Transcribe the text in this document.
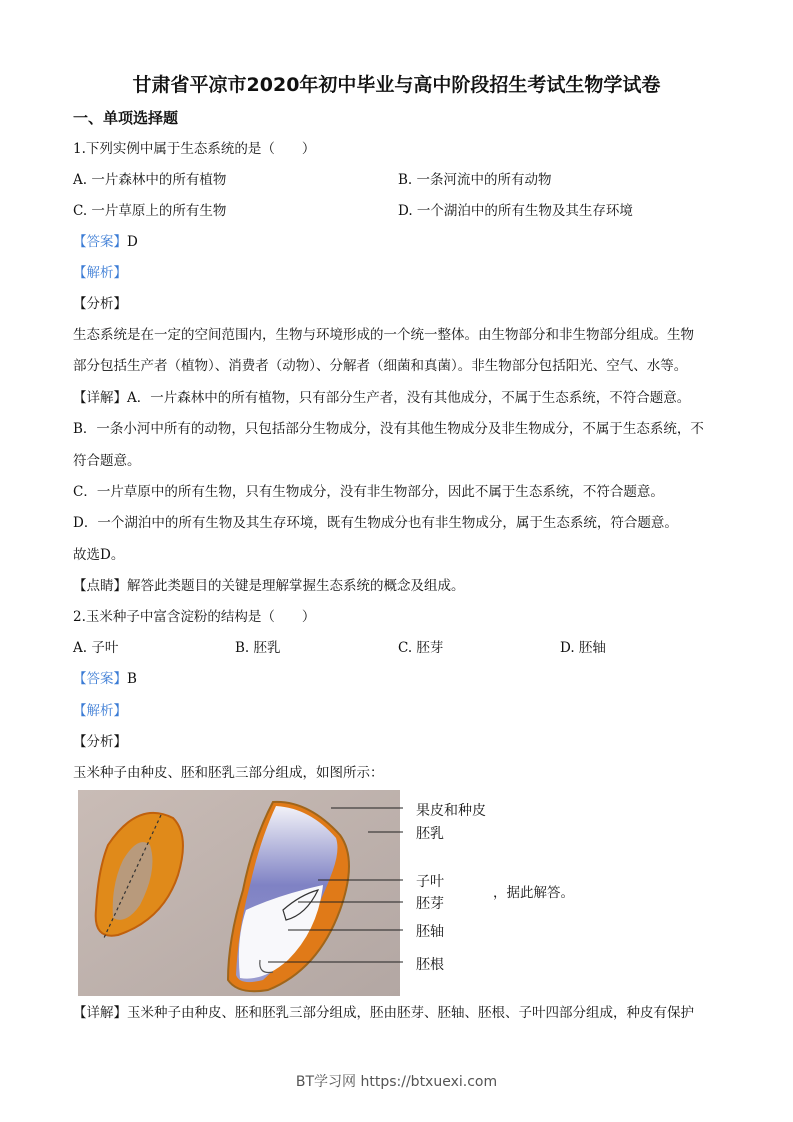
甘肃省平凉市2020年初中毕业与高中阶段招生考试生物学试卷
一、单项选择题
1.下列实例中属于生态系统的是（　　）
A. 一片森林中的所有植物	B. 一条河流中的所有动物
C. 一片草原上的所有生物	D. 一个湖泊中的所有生物及其生存环境
【答案】D
【解析】
【分析】
生态系统是在一定的空间范围内，生物与环境形成的一个统一整体。由生物部分和非生物部分组成。生物
部分包括生产者（植物）、消费者（动物）、分解者（细菌和真菌）。非生物部分包括阳光、空气、水等。
【详解】A．一片森林中的所有植物，只有部分生产者，没有其他成分，不属于生态系统，不符合题意。
B．一条小河中所有的动物，只包括部分生物成分，没有其他生物成分及非生物成分，不属于生态系统，不
符合题意。
C．一片草原中的所有生物，只有生物成分，没有非生物部分，因此不属于生态系统，不符合题意。
D．一个湖泊中的所有生物及其生存环境，既有生物成分也有非生物成分，属于生态系统，符合题意。
故选D。
【点睛】解答此类题目的关键是理解掌握生态系统的概念及组成。
2.玉米种子中富含淀粉的结构是（　　）
A. 子叶	B. 胚乳	C. 胚芽	D. 胚轴
【答案】B
【解析】
【分析】
玉米种子由种皮、胚和胚乳三部分组成，如图所示：
果皮和种皮
胚乳
子叶
胚芽
胚轴
胚根
，据此解答。
【详解】玉米种子由种皮、胚和胚乳三部分组成，胚由胚芽、胚轴、胚根、子叶四部分组成，种皮有保护
BT学习网 https://btxuexi.com
